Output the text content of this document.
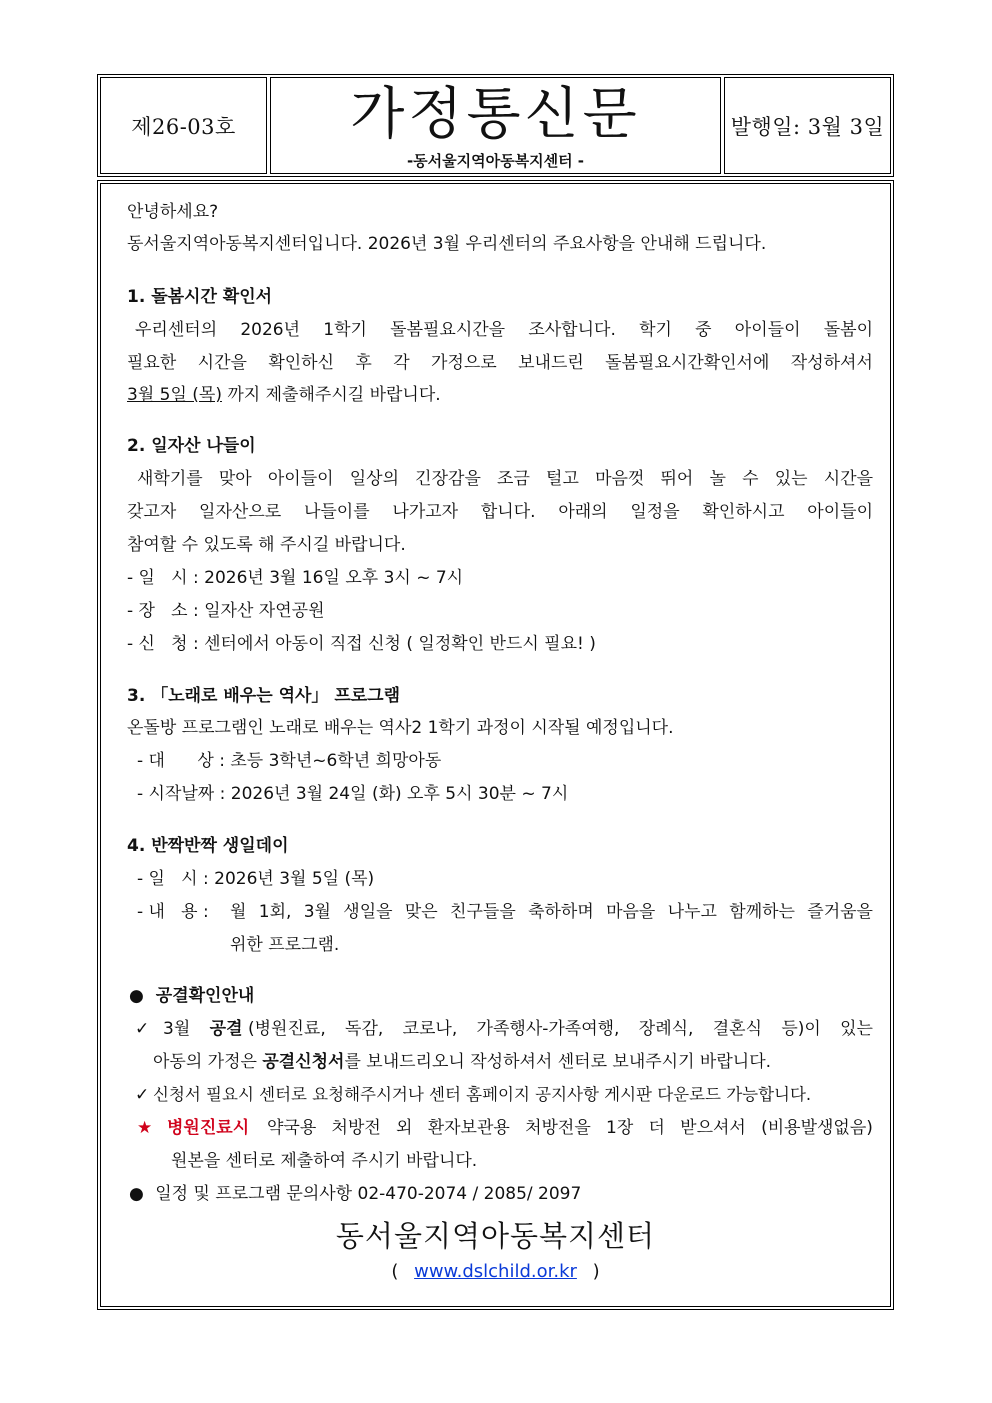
제26-03호	가정통신문
-동서울지역아동복지센터 -
발행일: 3월 3일
안녕하세요?
동서울지역아동복지센터입니다. 2026년 3월 우리센터의 주요사항을 안내해 드립니다.
1. 돌봄시간 확인서
우리센터의 2026년 1학기 돌봄필요시간을 조사합니다. 학기 중 아이들이 돌봄이
필요한 시간을 확인하신 후 각 가정으로 보내드린 돌봄필요시간확인서에 작성하셔서
3월 5일 (목) 까지 제출해주시길 바랍니다.
2. 일자산 나들이
새학기를 맞아 아이들이 일상의 긴장감을 조금 털고 마음껏 뛰어 놀 수 있는 시간을
갖고자 일자산으로 나들이를 나가고자 합니다. 아래의 일정을 확인하시고 아이들이
참여할 수 있도록 해 주시길 바랍니다.
- 일   시 : 2026년 3월 16일 오후 3시 ~ 7시
- 장   소 : 일자산 자연공원
- 신   청 : 센터에서 아동이 직접 신청 ( 일정확인 반드시 필요! )
3. 「노래로 배우는 역사」 프로그램
온돌방 프로그램인 노래로 배우는 역사2 1학기 과정이 시작될 예정입니다.
- 대      상 : 초등 3학년~6학년 희망아동
- 시작날짜 : 2026년 3월 24일 (화) 오후 5시 30분 ~ 7시
4. 반짝반짝 생일데이
- 일   시 : 2026년 3월 5일 (목)
- 내   용 : 월 1회, 3월 생일을 맞은 친구들을 축하하며 마음을 나누고 함께하는 즐거움을
위한 프로그램.
● 공결확인안내
✓ 3월 공결 (병원진료, 독감, 코로나, 가족행사-가족여행, 장례식, 결혼식 등)이 있는
아동의 가정은 공결신청서를 보내드리오니 작성하셔서 센터로 보내주시기 바랍니다.
✓ 신청서 필요시 센터로 요청해주시거나 센터 홈페이지 공지사항 게시판 다운로드 가능합니다.
★ 병원진료시 약국용 처방전 외 환자보관용 처방전을 1장 더 받으셔서 (비용발생없음)
원본을 센터로 제출하여 주시기 바랍니다.
● 일정 및 프로그램 문의사항 02-470-2074 / 2085/ 2097
동서울지역아동복지센터
( www.dslchild.or.kr )
